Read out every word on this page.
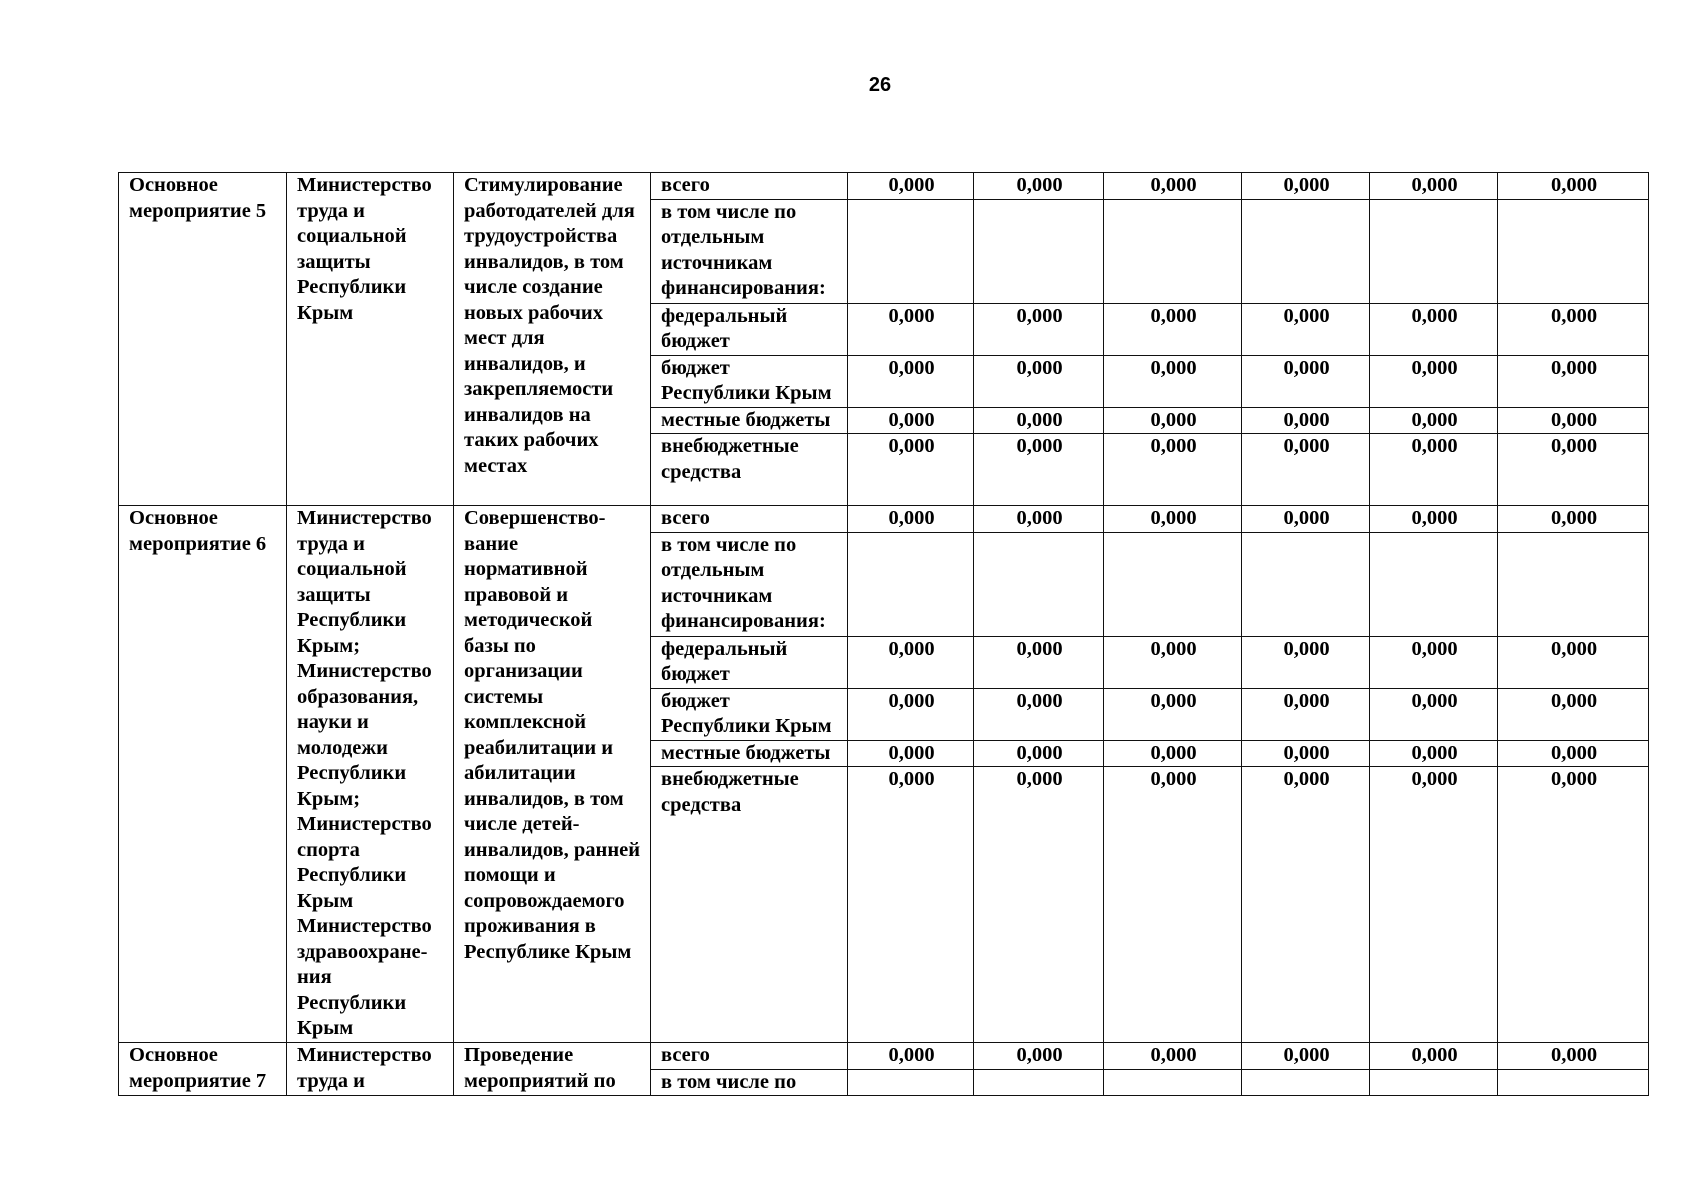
26
Основное мероприятие 5	Министерство труда и социальной защиты Республики Крым	Стимулирование работодателей для трудоустройства инвалидов, в том числе создание новых рабочих мест для инвалидов, и закрепляемости инвалидов на таких рабочих местах	всего	0,000	0,000	0,000	0,000	0,000	0,000
			в том числе по отдельным источникам финансирования:						
			федеральный бюджет	0,000	0,000	0,000	0,000	0,000	0,000
			бюджет Республики Крым	0,000	0,000	0,000	0,000	0,000	0,000
			местные бюджеты	0,000	0,000	0,000	0,000	0,000	0,000
			внебюджетные средства	0,000	0,000	0,000	0,000	0,000	0,000
Основное мероприятие 6	Министерство труда и социальной защиты Республики Крым; Министерство образования, науки и молодежи Республики Крым; Министерство спорта Республики Крым Министерство здравоохране-ния Республики Крым	Совершенство-вание нормативной правовой и методической базы по организации системы комплексной реабилитации и абилитации инвалидов, в том числе детей-инвалидов, ранней помощи и сопровождаемого проживания в Республике Крым	всего	0,000	0,000	0,000	0,000	0,000	0,000
			в том числе по отдельным источникам финансирования:						
			федеральный бюджет	0,000	0,000	0,000	0,000	0,000	0,000
			бюджет Республики Крым	0,000	0,000	0,000	0,000	0,000	0,000
			местные бюджеты	0,000	0,000	0,000	0,000	0,000	0,000
			внебюджетные средства	0,000	0,000	0,000	0,000	0,000	0,000
Основное мероприятие 7	Министерство труда и	Проведение мероприятий по	всего	0,000	0,000	0,000	0,000	0,000	0,000
			в том числе по						
